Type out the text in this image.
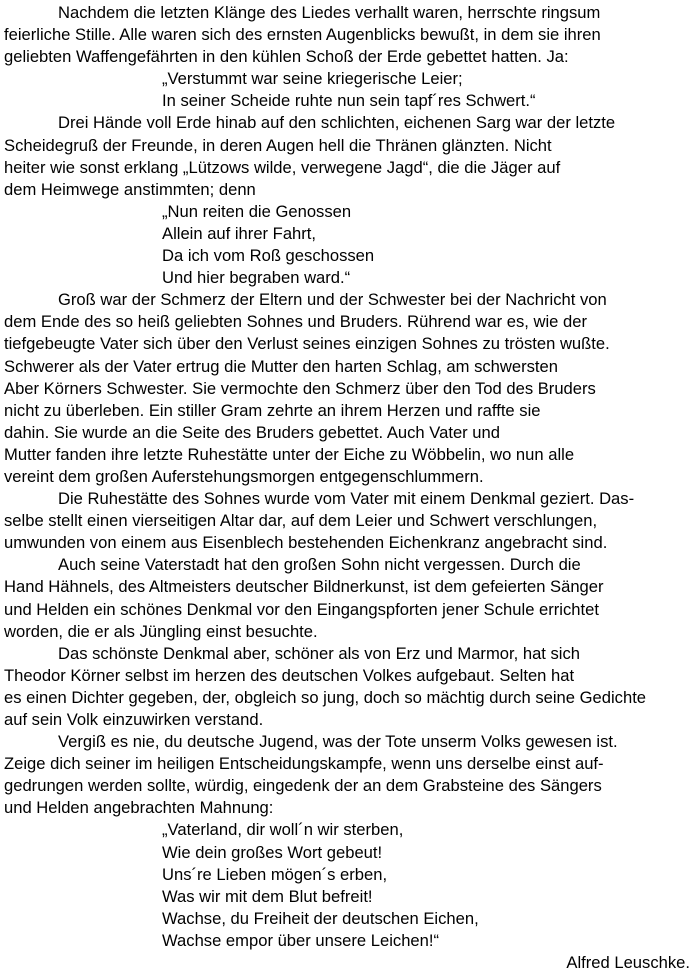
Nachdem die letzten Klänge des Liedes verhallt waren, herrschte ringsum
feierliche Stille. Alle waren sich des ernsten Augenblicks bewußt, in dem sie ihren
geliebten Waffengefährten in den kühlen Schoß der Erde gebettet hatten. Ja:
„Verstummt war seine kriegerische Leier;
In seiner Scheide ruhte nun sein tapf´res Schwert.“
Drei Hände voll Erde hinab auf den schlichten, eichenen Sarg war der letzte
Scheidegruß der Freunde, in deren Augen hell die Thränen glänzten. Nicht
heiter wie sonst erklang „Lützows wilde, verwegene Jagd“, die die Jäger auf
dem Heimwege anstimmten; denn
„Nun reiten die Genossen
Allein auf ihrer Fahrt,
Da ich vom Roß geschossen
Und hier begraben ward.“
Groß war der Schmerz der Eltern und der Schwester bei der Nachricht von
dem Ende des so heiß geliebten Sohnes und Bruders. Rührend war es, wie der
tiefgebeugte Vater sich über den Verlust seines einzigen Sohnes zu trösten wußte.
Schwerer als der Vater ertrug die Mutter den harten Schlag, am schwersten
Aber Körners Schwester. Sie vermochte den Schmerz über den Tod des Bruders
nicht zu überleben. Ein stiller Gram zehrte an ihrem Herzen und raffte sie
dahin. Sie wurde an die Seite des Bruders gebettet. Auch Vater und
Mutter fanden ihre letzte Ruhestätte unter der Eiche zu Wöbbelin, wo nun alle
vereint dem großen Auferstehungsmorgen entgegenschlummern.
Die Ruhestätte des Sohnes wurde vom Vater mit einem Denkmal geziert. Das-
selbe stellt einen vierseitigen Altar dar, auf dem Leier und Schwert verschlungen,
umwunden von einem aus Eisenblech bestehenden Eichenkranz angebracht sind.
Auch seine Vaterstadt hat den großen Sohn nicht vergessen. Durch die
Hand Hähnels, des Altmeisters deutscher Bildnerkunst, ist dem gefeierten Sänger
und Helden ein schönes Denkmal vor den Eingangspforten jener Schule errichtet
worden, die er als Jüngling einst besuchte.
Das schönste Denkmal aber, schöner als von Erz und Marmor, hat sich
Theodor Körner selbst im herzen des deutschen Volkes aufgebaut. Selten hat
es einen Dichter gegeben, der, obgleich so jung, doch so mächtig durch seine Gedichte
auf sein Volk einzuwirken verstand.
Vergiß es nie, du deutsche Jugend, was der Tote unserm Volks gewesen ist.
Zeige dich seiner im heiligen Entscheidungskampfe, wenn uns derselbe einst auf-
gedrungen werden sollte, würdig, eingedenk der an dem Grabsteine des Sängers
und Helden angebrachten Mahnung:
„Vaterland, dir woll´n wir sterben,
Wie dein großes Wort gebeut!
Uns´re Lieben mögen´s erben,
Was wir mit dem Blut befreit!
Wachse, du Freiheit der deutschen Eichen,
Wachse empor über unsere Leichen!“
Alfred Leuschke.
